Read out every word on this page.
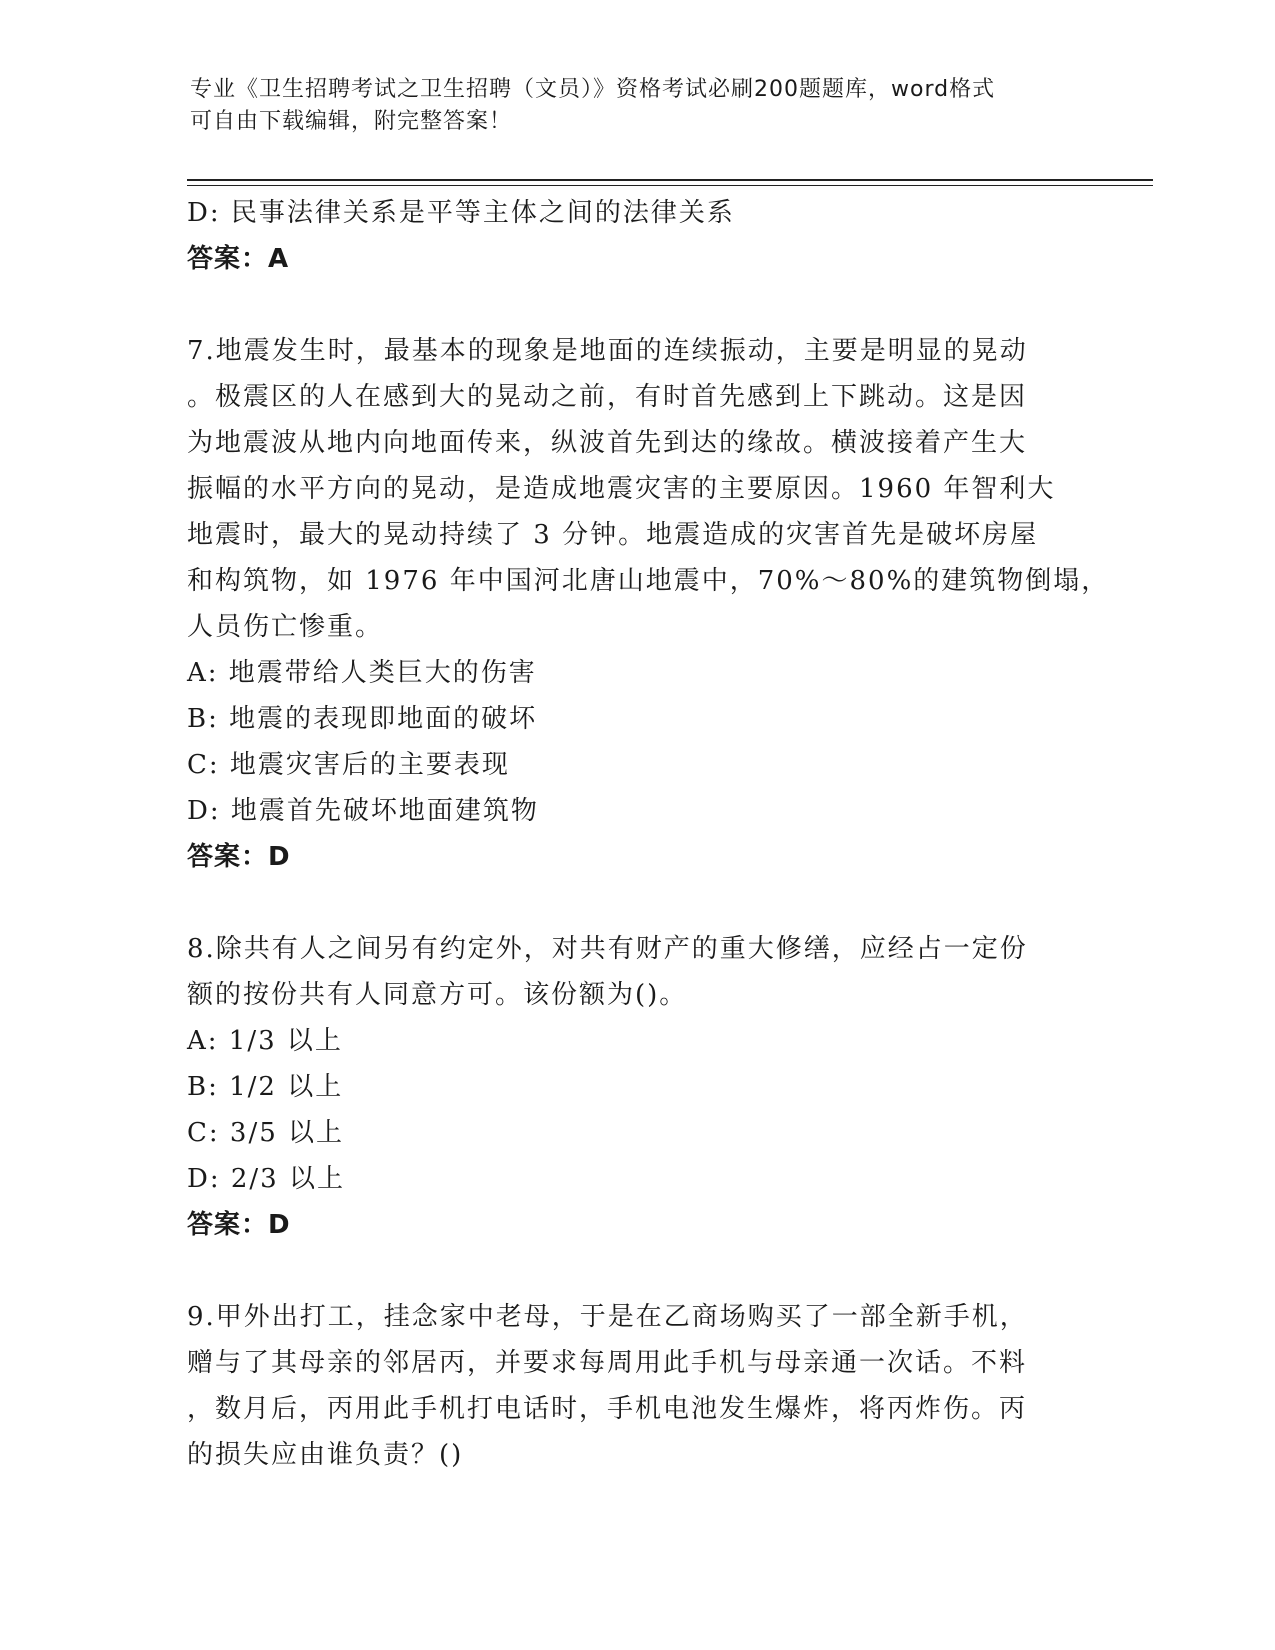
专业《卫生招聘考试之卫生招聘（文员）》资格考试必刷200题题库，word格式
可自由下载编辑，附完整答案！
D: 民事法律关系是平等主体之间的法律关系
答案：A
7.地震发生时，最基本的现象是地面的连续振动，主要是明显的晃动
。极震区的人在感到大的晃动之前，有时首先感到上下跳动。这是因
为地震波从地内向地面传来，纵波首先到达的缘故。横波接着产生大
振幅的水平方向的晃动，是造成地震灾害的主要原因。1960 年智利大
地震时，最大的晃动持续了 3 分钟。地震造成的灾害首先是破坏房屋
和构筑物，如 1976 年中国河北唐山地震中，70%～80%的建筑物倒塌，
人员伤亡惨重。
A: 地震带给人类巨大的伤害
B: 地震的表现即地面的破坏
C: 地震灾害后的主要表现
D: 地震首先破坏地面建筑物
答案：D
8.除共有人之间另有约定外，对共有财产的重大修缮，应经占一定份
额的按份共有人同意方可。该份额为()。
A: 1/3 以上
B: 1/2 以上
C: 3/5 以上
D: 2/3 以上
答案：D
9.甲外出打工，挂念家中老母，于是在乙商场购买了一部全新手机，
赠与了其母亲的邻居丙，并要求每周用此手机与母亲通一次话。不料
，数月后，丙用此手机打电话时，手机电池发生爆炸，将丙炸伤。丙
的损失应由谁负责？()
